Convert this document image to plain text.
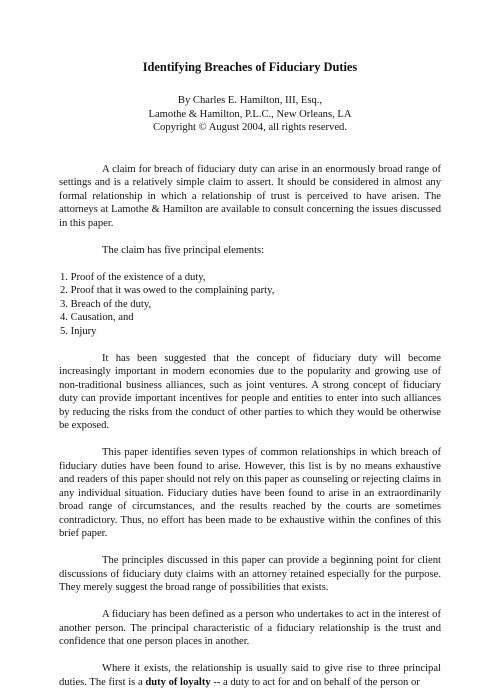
Identifying Breaches of Fiduciary Duties
By Charles E. Hamilton, III, Esq.,
Lamothe & Hamilton, P.L.C., New Orleans, LA
Copyright © August 2004, all rights reserved.

A claim for breach of fiduciary duty can arise in an enormously broad range of settings and is a relatively simple claim to assert. It should be considered in almost any formal relationship in which a relationship of trust is perceived to have arisen. The attorneys at Lamothe & Hamilton are available to consult concerning the issues discussed in this paper.

The claim has five principal elements:

1. Proof of the existence of a duty,
2. Proof that it was owed to the complaining party,
3. Breach of the duty,
4. Causation, and
5. Injury

It has been suggested that the concept of fiduciary duty will become increasingly important in modern economies due to the popularity and growing use of non-traditional business alliances, such as joint ventures. A strong concept of fiduciary duty can provide important incentives for people and entities to enter into such alliances by reducing the risks from the conduct of other parties to which they would be otherwise be exposed.

This paper identifies seven types of common relationships in which breach of fiduciary duties have been found to arise. However, this list is by no means exhaustive and readers of this paper should not rely on this paper as counseling or rejecting claims in any individual situation. Fiduciary duties have been found to arise in an extraordinarily broad range of circumstances, and the results reached by the courts are sometimes contradictory. Thus, no effort has been made to be exhaustive within the confines of this brief paper.

The principles discussed in this paper can provide a beginning point for client discussions of fiduciary duty claims with an attorney retained especially for the purpose. They merely suggest the broad range of possibilities that exists.

A fiduciary has been defined as a person who undertakes to act in the interest of another person. The principal characteristic of a fiduciary relationship is the trust and confidence that one person places in another.

Where it exists, the relationship is usually said to give rise to three principal duties. The first is a duty of loyalty -- a duty to act for and on behalf of the person or
